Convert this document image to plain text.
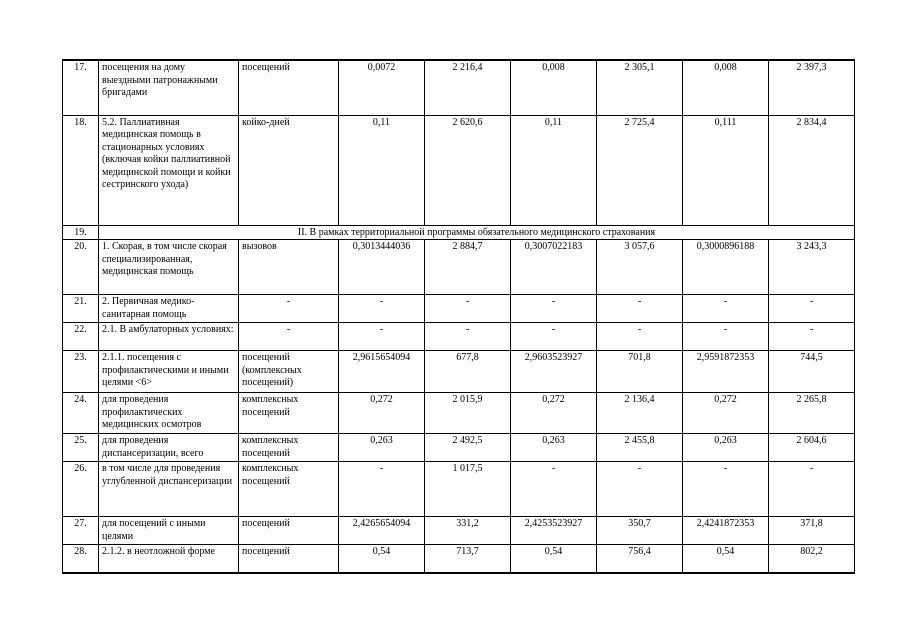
17.	посещения на дому выездными патронажными бригадами	посещений	0,0072	2 216,4	0,008	2 305,1	0,008	2 397,3
18.	5.2. Паллиативная медицинская помощь в стационарных условиях (включая койки паллиативной медицинской помощи и койки сестринского ухода)	койко-дней	0,11	2 620,6	0,11	2 725,4	0,111	2 834,4
19.	II. В рамках территориальной программы обязательного медицинского страхования							
20.	1. Скорая, в том числе скорая специализированная, медицинская помощь	вызовов	0,3013444036	2 884,7	0,3007022183	3 057,6	0,3000896188	3 243,3
21.	2. Первичная медико-санитарная помощь	-	-	-	-	-	-	-
22.	2.1. В амбулаторных условиях:	-	-	-	-	-	-	-
23.	2.1.1. посещения с профилактическими и иными целями <6>	посещений (комплексных посещений)	2,9615654094	677,8	2,9603523927	701,8	2,9591872353	744,5
24.	для проведения профилактических медицинских осмотров	комплексных посещений	0,272	2 015,9	0,272	2 136,4	0,272	2 265,8
25.	для проведения диспансеризации, всего	комплексных посещений	0,263	2 492,5	0,263	2 455,8	0,263	2 604,6
26.	в том числе для проведения углубленной диспансеризации	комплексных посещений	-	1 017,5	-	-	-	-
27.	для посещений с иными целями	посещений	2,4265654094	331,2	2,4253523927	350,7	2,4241872353	371,8
28.	2.1.2. в неотложной форме	посещений	0,54	713,7	0,54	756,4	0,54	802,2
